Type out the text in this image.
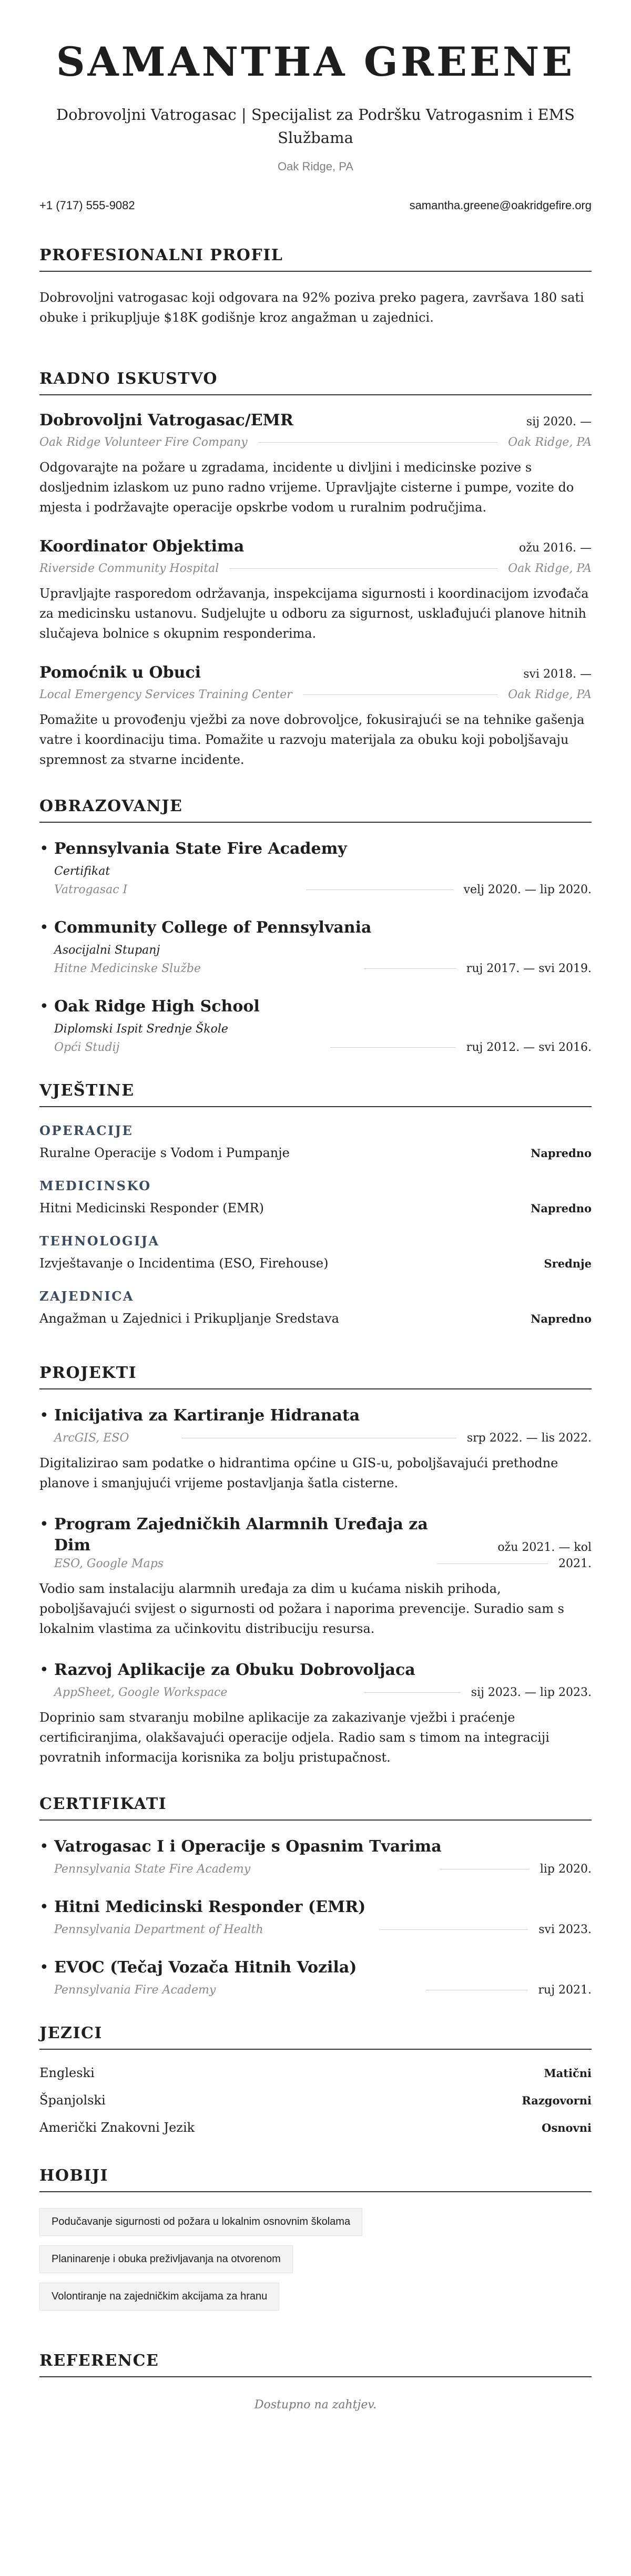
SAMANTHA GREENE
Dobrovoljni Vatrogasac | Specijalist za Podršku Vatrogasnim i EMS Službama
Oak Ridge, PA
+1 (717) 555-9082	samantha.greene@oakridgefire.org
PROFESIONALNI PROFIL

Dobrovoljni vatrogasac koji odgovara na 92% poziva preko pagera, završava 180 sati obuke i prikupljuje $18K godišnje kroz angažman u zajednici.

RADNO ISKUSTVO
Dobrovoljni Vatrogasac/EMR	sij 2020. —
Oak Ridge Volunteer Fire Company	Oak Ridge, PA

Odgovarajte na požare u zgradama, incidente u divljini i medicinske pozive s dosljednim izlaskom uz puno radno vrijeme. Upravljajte cisterne i pumpe, vozite do mjesta i podržavajte operacije opskrbe vodom u ruralnim područjima.

Koordinator Objektima	ožu 2016. —
Riverside Community Hospital	Oak Ridge, PA

Upravljajte rasporedom održavanja, inspekcijama sigurnosti i koordinacijom izvođača za medicinsku ustanovu. Sudjelujte u odboru za sigurnost, usklađujući planove hitnih slučajeva bolnice s okupnim responderima.

Pomoćnik u Obuci	svi 2018. —
Local Emergency Services Training Center	Oak Ridge, PA

Pomažite u provođenju vježbi za nove dobrovoljce, fokusirajući se na tehnike gašenja vatre i koordinaciju tima. Pomažite u razvoju materijala za obuku koji poboljšavaju spremnost za stvarne incidente.

OBRAZOVANJE
• Pennsylvania State Fire Academy
Certifikat
Vatrogasac I	velj 2020. — lip 2020.
• Community College of Pennsylvania
Asocijalni Stupanj
Hitne Medicinske Službe	ruj 2017. — svi 2019.
• Oak Ridge High School
Diplomski Ispit Srednje Škole
Opći Studij	ruj 2012. — svi 2016.
VJEŠTINE
OPERACIJE
Ruralne Operacije s Vodom i Pumpanje	Napredno
MEDICINSKO
Hitni Medicinski Responder (EMR)	Napredno
TEHNOLOGIJA
Izvještavanje o Incidentima (ESO, Firehouse)	Srednje
ZAJEDNICA
Angažman u Zajednici i Prikupljanje Sredstava	Napredno
PROJEKTI
• Inicijativa za Kartiranje Hidranata
ArcGIS, ESO	srp 2022. — lis 2022.

Digitalizirao sam podatke o hidrantima općine u GIS-u, poboljšavajući prethodne planove i smanjujući vrijeme postavljanja šatla cisterne.

• Program Zajedničkih Alarmnih Uređaja za Dim	ožu 2021. — kol
ESO, Google Maps	2021.

Vodio sam instalaciju alarmnih uređaja za dim u kućama niskih prihoda, poboljšavajući svijest o sigurnosti od požara i naporima prevencije. Suradio sam s lokalnim vlastima za učinkovitu distribuciju resursa.

• Razvoj Aplikacije za Obuku Dobrovoljaca
AppSheet, Google Workspace	sij 2023. — lip 2023.

Doprinio sam stvaranju mobilne aplikacije za zakazivanje vježbi i praćenje certificiranjima, olakšavajući operacije odjela. Radio sam s timom na integraciji povratnih informacija korisnika za bolju pristupačnost.

CERTIFIKATI
• Vatrogasac I i Operacije s Opasnim Tvarima
Pennsylvania State Fire Academy	lip 2020.
• Hitni Medicinski Responder (EMR)
Pennsylvania Department of Health	svi 2023.
• EVOC (Tečaj Vozača Hitnih Vozila)
Pennsylvania Fire Academy	ruj 2021.
JEZICI
Engleski	Matični
Španjolski	Razgovorni
Američki Znakovni Jezik	Osnovni
HOBIJI
Podučavanje sigurnosti od požara u lokalnim osnovnim školama
Planinarenje i obuka preživljavanja na otvorenom
Volontiranje na zajedničkim akcijama za hranu
REFERENCE
Dostupno na zahtjev.
